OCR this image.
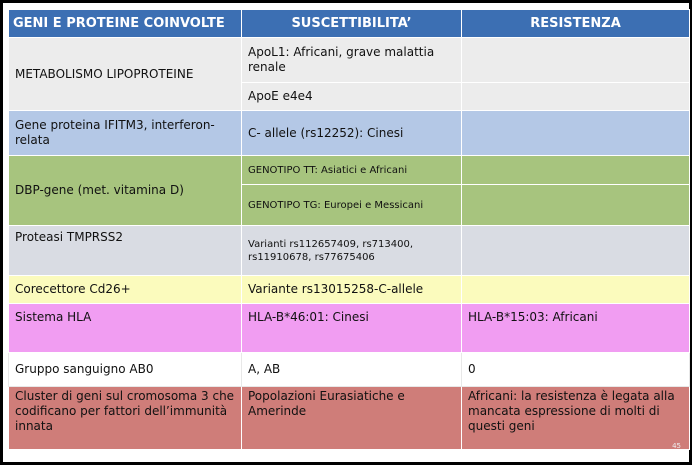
GENI E PROTEINE COINVOLTE	SUSCETTIBILITA’	RESISTENZA
METABOLISMO LIPOPROTEINE	ApoL1: Africani, grave malattia renale	
	ApoE e4e4	
Gene proteina IFITM3, interferon-relata	C- allele (rs12252): Cinesi	
DBP-gene (met. vitamina D)	GENOTIPO TT: Asiatici e Africani	
	GENOTIPO TG: Europei e Messicani	
Proteasi TMPRSS2	Varianti rs112657409, rs713400, rs11910678, rs77675406	
Corecettore Cd26+	Variante rs13015258-C-allele	
Sistema HLA	HLA-B*46:01: Cinesi	HLA-B*15:03: Africani
Gruppo sanguigno AB0	A, AB	0
Cluster di geni sul cromosoma 3 che codificano per fattori dell’immunità innata	Popolazioni Eurasiatiche e Amerinde	Africani: la resistenza è legata alla mancata espressione di molti di questi geni
45
